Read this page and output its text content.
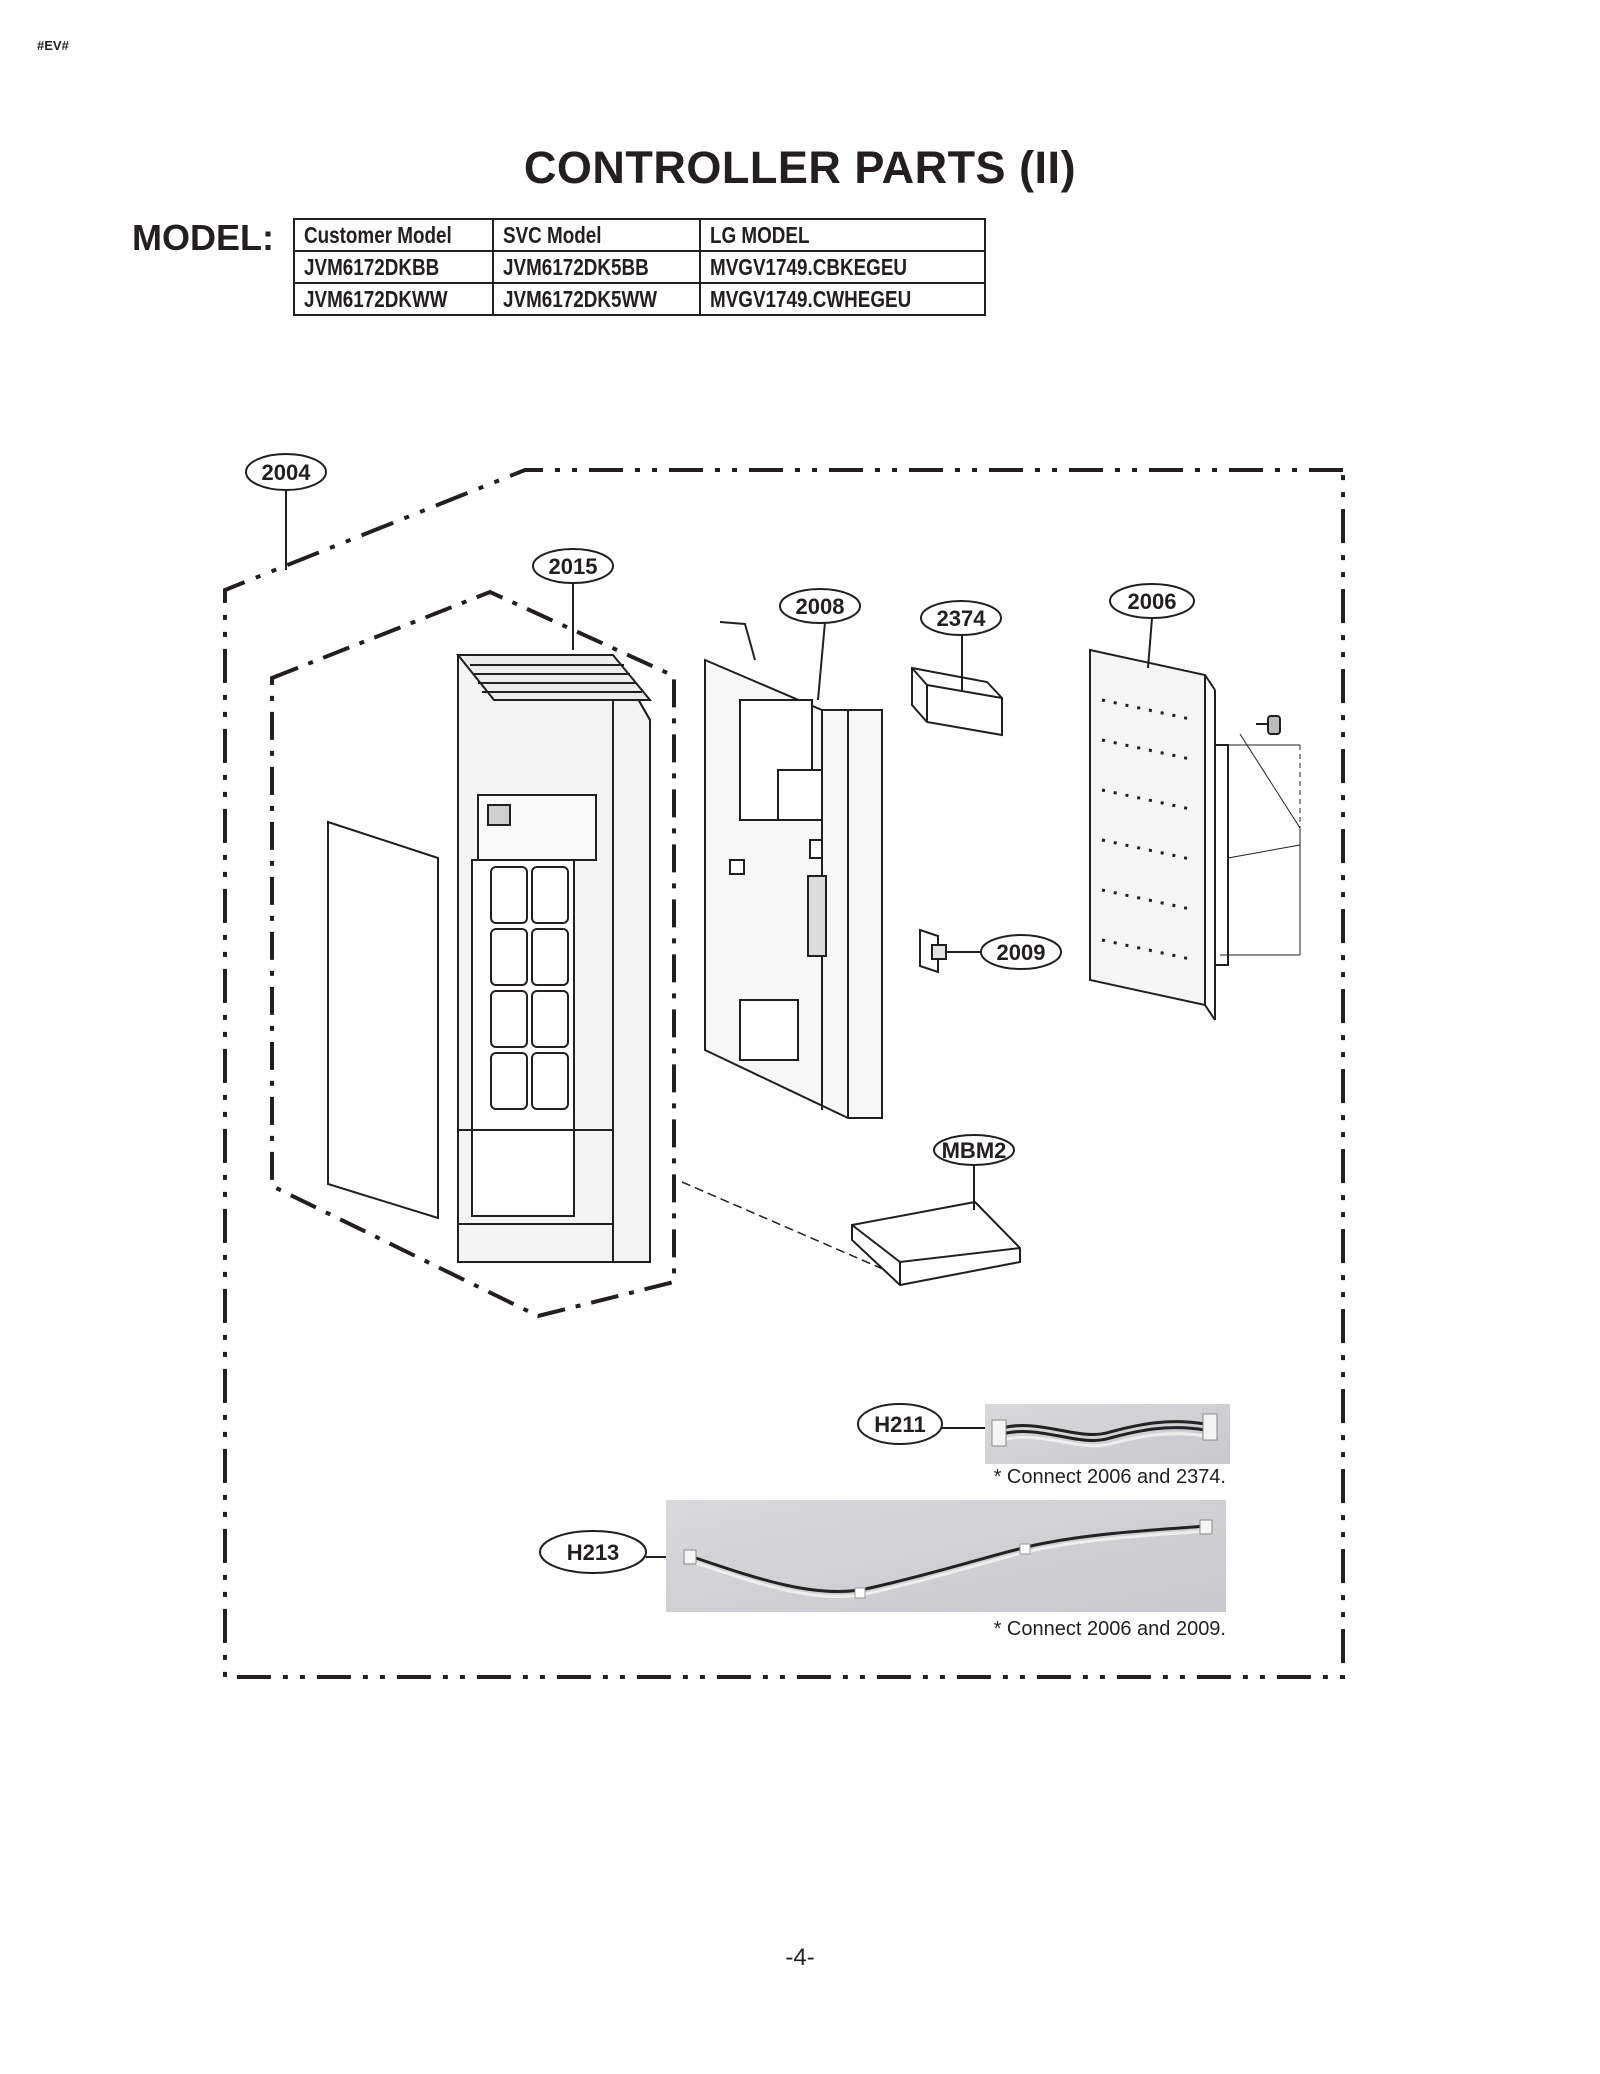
#EV#
CONTROLLER PARTS (II)
MODEL: Customer Model	SVC Model	LG MODEL
JVM6172DKBB	JVM6172DK5BB	MVGV1749.CBKEGEU
JVM6172DKWW	JVM6172DK5WW	MVGV1749.CWHEGEU
2004
2015
2008	2374
2006
2009
MBM2
H211
H213
* Connect 2006 and 2374.
* Connect 2006 and 2009.
-4-
